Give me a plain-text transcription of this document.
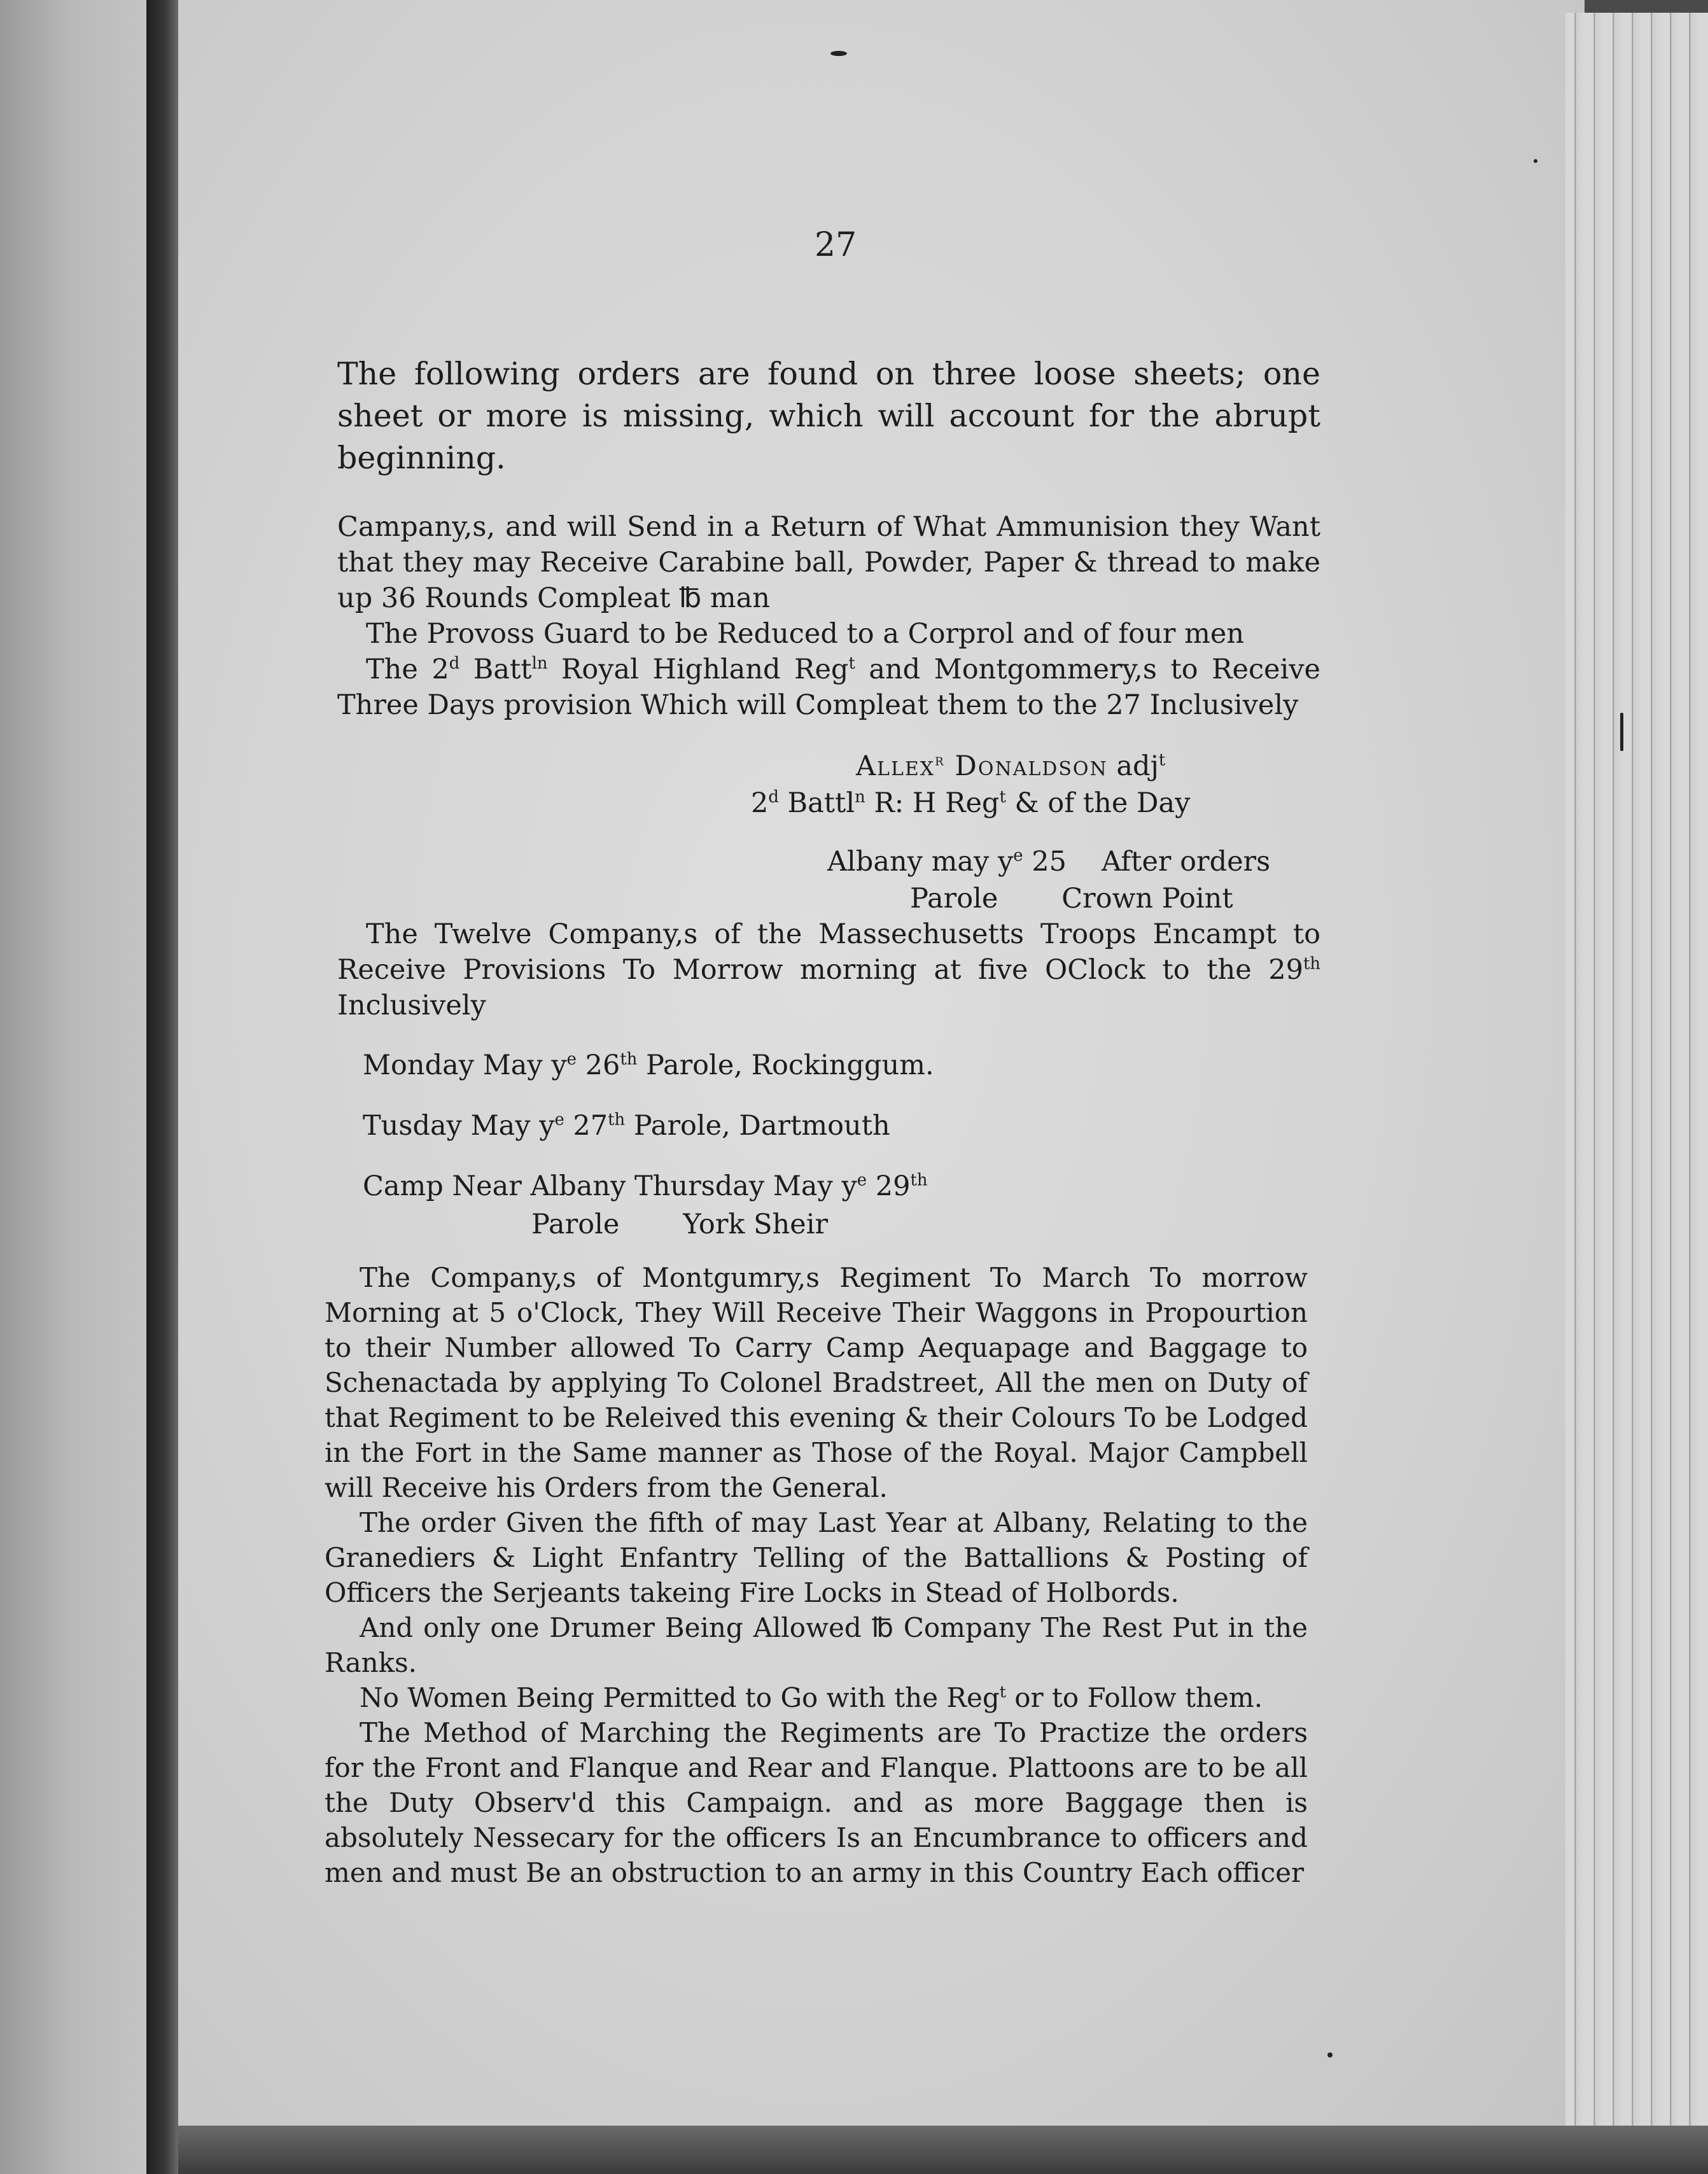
27
The following orders are found on three loose sheets; one sheet or more is missing, which will account for the abrupt beginning.

Campany,s, and will Send in a Return of What Ammunision they Want that they may Receive Carabine ball, Powder, Paper & thread to make up 36 Rounds Compleat ℔ man

The Provoss Guard to be Reduced to a Corprol and of four men

The 2$^d$ Batt$^{ln}$ Royal Highland Reg$^t$ and Montgommery,s to Receive Three Days provision Which will Compleat them to the 27 Inclusively

Allex$^r$ Donaldson adj$^t$
2$^d$ Battl$^n$ R: H Reg$^t$ & of the Day
Albany may $y^e$ 25 After orders
Parole Crown Point

The Twelve Company,s of the Massechusetts Troops Encampt to Receive Provisions To Morrow morning at five OClock to the 29th Inclusively

Monday May $y^e$ 26th Parole, Rockinggum.
Tusday May $y^e$ 27th Parole, Dartmouth
Camp Near Albany Thursday May $y^e$ 29th
Parole York Sheir

The Company,s of Montgumry,s Regiment To March To morrow Morning at 5 o'Clock, They Will Receive Their Waggons in Propourtion to their Number allowed To Carry Camp Aequapage and Baggage to Schenactada by applying To Colonel Bradstreet, All the men on Duty of that Regiment to be Releived this evening & their Colours To be Lodged in the Fort in the Same manner as Those of the Royal. Major Campbell will Receive his Orders from the General.

The order Given the fifth of may Last Year at Albany, Relating to the Granediers & Light Enfantry Telling of the Battallions & Posting of Officers the Serjeants takeing Fire Locks in Stead of Holbords.

And only one Drumer Being Allowed ℔ Company The Rest Put in the Ranks.

No Women Being Permitted to Go with the Reg$^t$ or to Follow them.

The Method of Marching the Regiments are To Practize the orders for the Front and Flanque and Rear and Flanque. Plattoons are to be all the Duty Observ'd this Campaign. and as more Baggage then is absolutely Nessecary for the officers Is an Encumbrance to officers and men and must Be an obstruction to an army in this Country Each officer
